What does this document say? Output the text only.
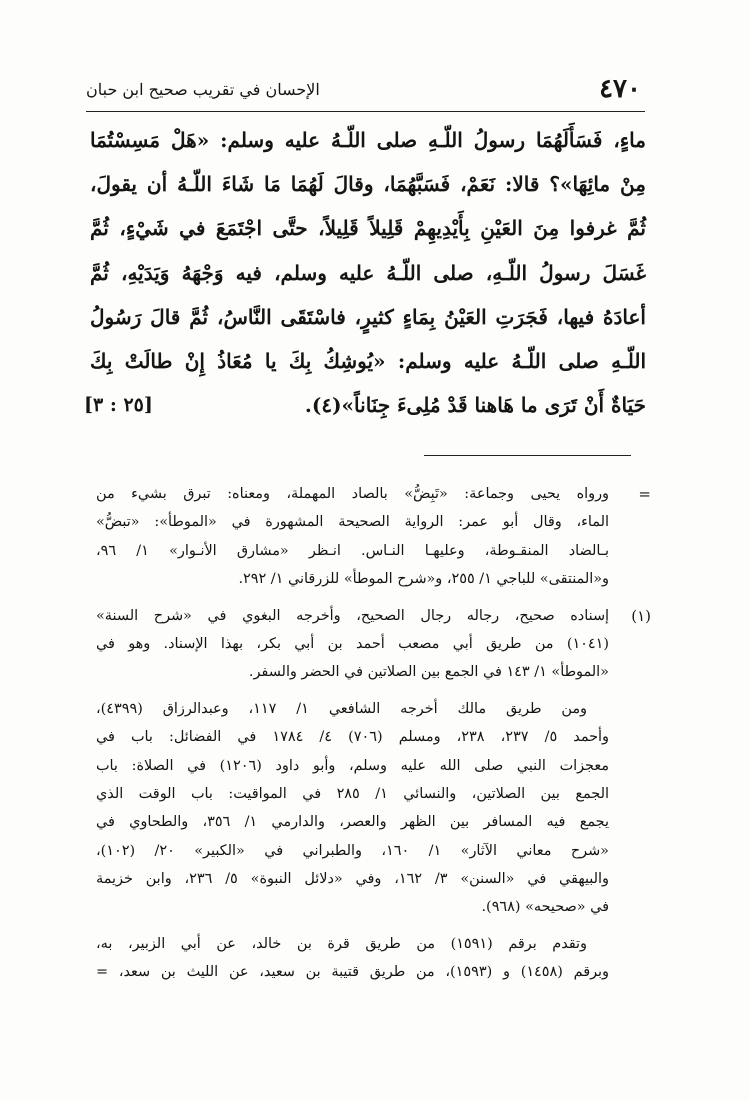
٤٧٠
الإحسان في تقريب صحيح ابن حبان
ماءٍ، فَسَأَلَهُمَا رسولُ اللّـهِ صلى اللّـهُ عليه وسلم: «هَلْ مَسِسْتُمَا
مِنْ مائِهَا»؟ قالا: نَعَمْ، فَسَبَّهُمَا، وقالَ لَهُمَا مَا شَاءَ اللّـهُ أن يقولَ،
ثُمَّ غرفوا مِنَ العَيْنِ بِأَيْدِيهِمْ قَلِيلاً قَلِيلاً، حتَّى اجْتَمَعَ في شَيْءٍ، ثُمَّ
غَسَلَ رسولُ اللّـهِ، صلى اللّـهُ عليه وسلم، فيه وَجْهَهُ وَيَدَيْهِ، ثُمَّ
أعادَهُ فيها، فَجَرَتِ العَيْنُ بِمَاءٍ كثيرٍ، فاسْتَقَى النَّاسُ، ثُمَّ قالَ رَسُولُ
اللّـهِ صلى اللّـهُ عليه وسلم: «يُوشِكُ بِكَ يا مُعَاذُ إِنْ طالَتْ بِكَ
حَيَاةٌ أَنْ تَرَى ما هَاهنا قَدْ مُلِىءَ جِنَاناً»(٤).
[٢٥ : ٣]
=
ورواه يحيى وجماعة: «تَبِضُّ» بالصاد المهملة، ومعناه: تبرق بشيء من
الماء، وقال أبو عمر: الرواية الصحيحة المشهورة في «الموطأ»: «تبضُّ»
بـالضاد المنقـوطة، وعليهـا النـاس. انـظر «مشارق الأنـوار» ١/ ٩٦،
و«المنتقى» للباجي ١/ ٢٥٥، و«شرح الموطأ» للزرقاني ١/ ٢٩٢.
(١)
إسناده صحيح، رجاله رجال الصحيح، وأخرجه البغوي في «شرح السنة»
(١٠٤١) من طريق أبي مصعب أحمد بن أبي بكر، بهذا الإسناد. وهو في
«الموطأ» ١/ ١٤٣ في الجمع بين الصلاتين في الحضر والسفر.
ومن طريق مالك أخرجه الشافعي ١/ ١١٧، وعبدالرزاق (٤٣٩٩)،
وأحمد ٥/ ٢٣٧، ٢٣٨، ومسلم (٧٠٦) ٤/ ١٧٨٤ في الفضائل: باب في
معجزات النبي صلى الله عليه وسلم، وأبو داود (١٢٠٦) في الصلاة: باب
الجمع بين الصلاتين، والنسائي ١/ ٢٨٥ في المواقيت: باب الوقت الذي
يجمع فيه المسافر بين الظهر والعصر، والدارمي ١/ ٣٥٦، والطحاوي في
«شرح معاني الآثار» ١/ ١٦٠، والطبراني في «الكبير» ٢٠/ (١٠٢)،
والبيهقي في «السنن» ٣/ ١٦٢، وفي «دلائل النبوة» ٥/ ٢٣٦، وابن خزيمة
في «صحيحه» (٩٦٨).
وتقدم برقم (١٥٩١) من طريق قرة بن خالد، عن أبي الزبير، به،
وبرقم (١٤٥٨) و (١٥٩٣)، من طريق قتيبة بن سعيد، عن الليث بن سعد، =
